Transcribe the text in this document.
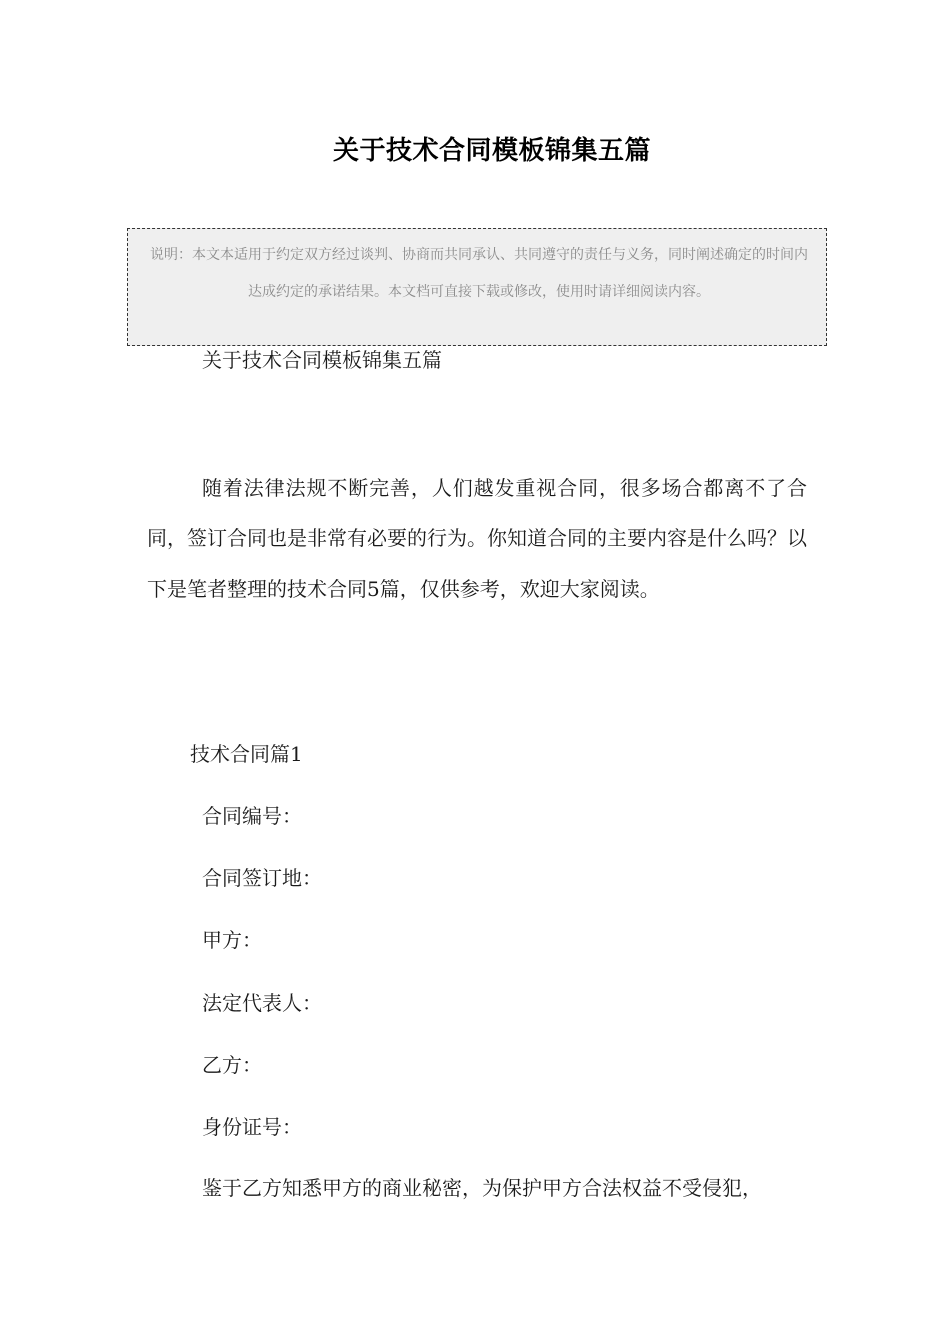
关于技术合同模板锦集五篇
说明：本文本适用于约定双方经过谈判、协商而共同承认、共同遵守的责任与义务，同时阐述确定的时间内达成约定的承诺结果。本文档可直接下载或修改，使用时请详细阅读内容。

关于技术合同模板锦集五篇

随着法律法规不断完善，人们越发重视合同，很多场合都离不了合同，签订合同也是非常有必要的行为。你知道合同的主要内容是什么吗？以下是笔者整理的技术合同5篇，仅供参考，欢迎大家阅读。

技术合同篇1

合同编号：

合同签订地：

甲方：

法定代表人：

乙方：

身份证号：

鉴于乙方知悉甲方的商业秘密，为保护甲方合法权益不受侵犯，
